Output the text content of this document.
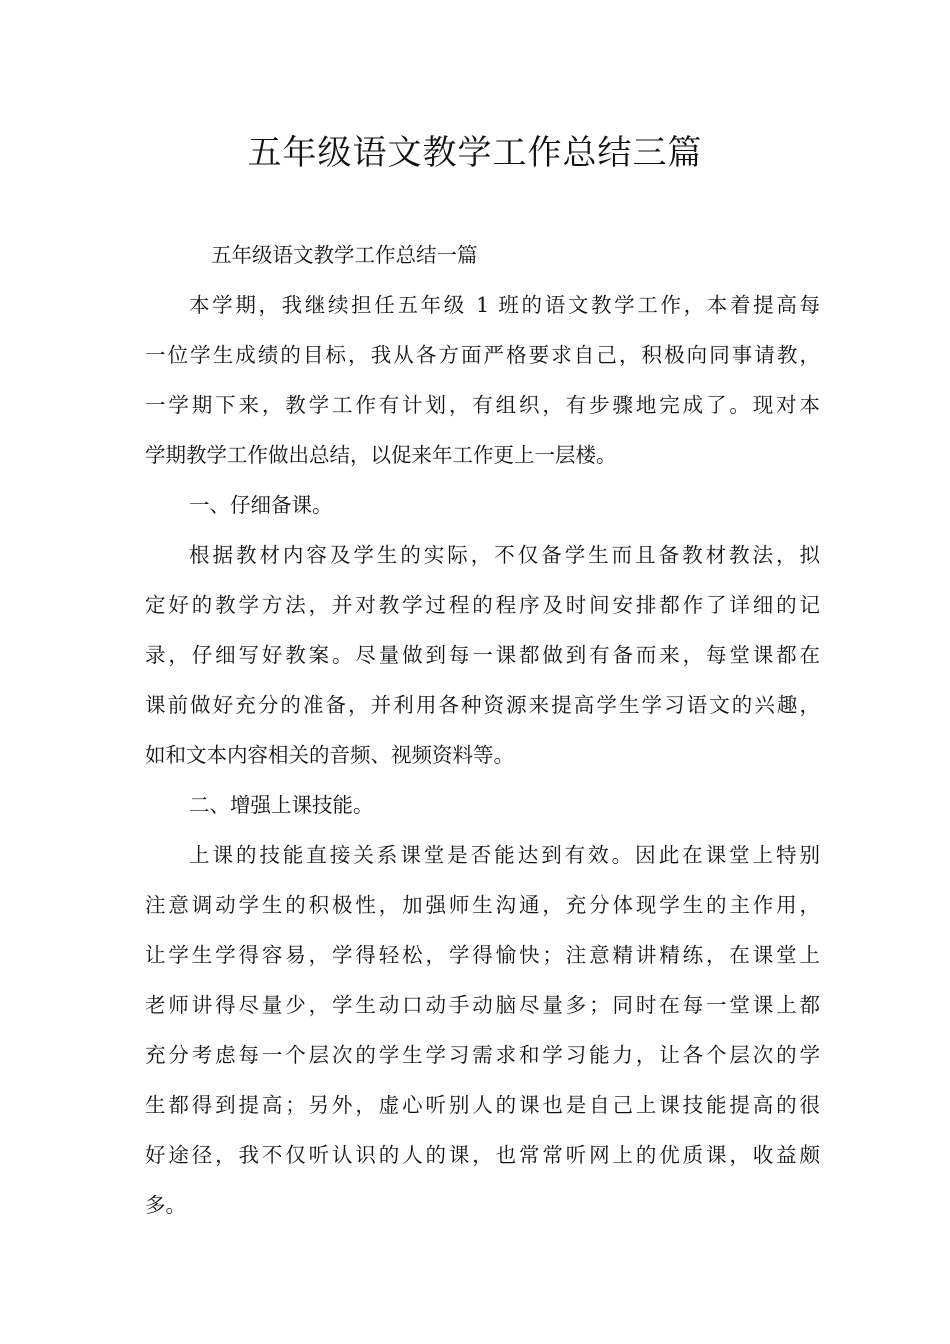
五年级语文教学工作总结三篇
五年级语文教学工作总结一篇
本学期，我继续担任五年级 1 班的语文教学工作，本着提高每
一位学生成绩的目标，我从各方面严格要求自己，积极向同事请教，
一学期下来，教学工作有计划，有组织，有步骤地完成了。现对本
学期教学工作做出总结，以促来年工作更上一层楼。
一、仔细备课。
根据教材内容及学生的实际，不仅备学生而且备教材教法，拟
定好的教学方法，并对教学过程的程序及时间安排都作了详细的记
录，仔细写好教案。尽量做到每一课都做到有备而来，每堂课都在
课前做好充分的准备，并利用各种资源来提高学生学习语文的兴趣，
如和文本内容相关的音频、视频资料等。
二、增强上课技能。
上课的技能直接关系课堂是否能达到有效。因此在课堂上特别
注意调动学生的积极性，加强师生沟通，充分体现学生的主作用，
让学生学得容易，学得轻松，学得愉快；注意精讲精练，在课堂上
老师讲得尽量少，学生动口动手动脑尽量多；同时在每一堂课上都
充分考虑每一个层次的学生学习需求和学习能力，让各个层次的学
生都得到提高；另外，虚心听别人的课也是自己上课技能提高的很
好途径，我不仅听认识的人的课，也常常听网上的优质课，收益颇
多。
